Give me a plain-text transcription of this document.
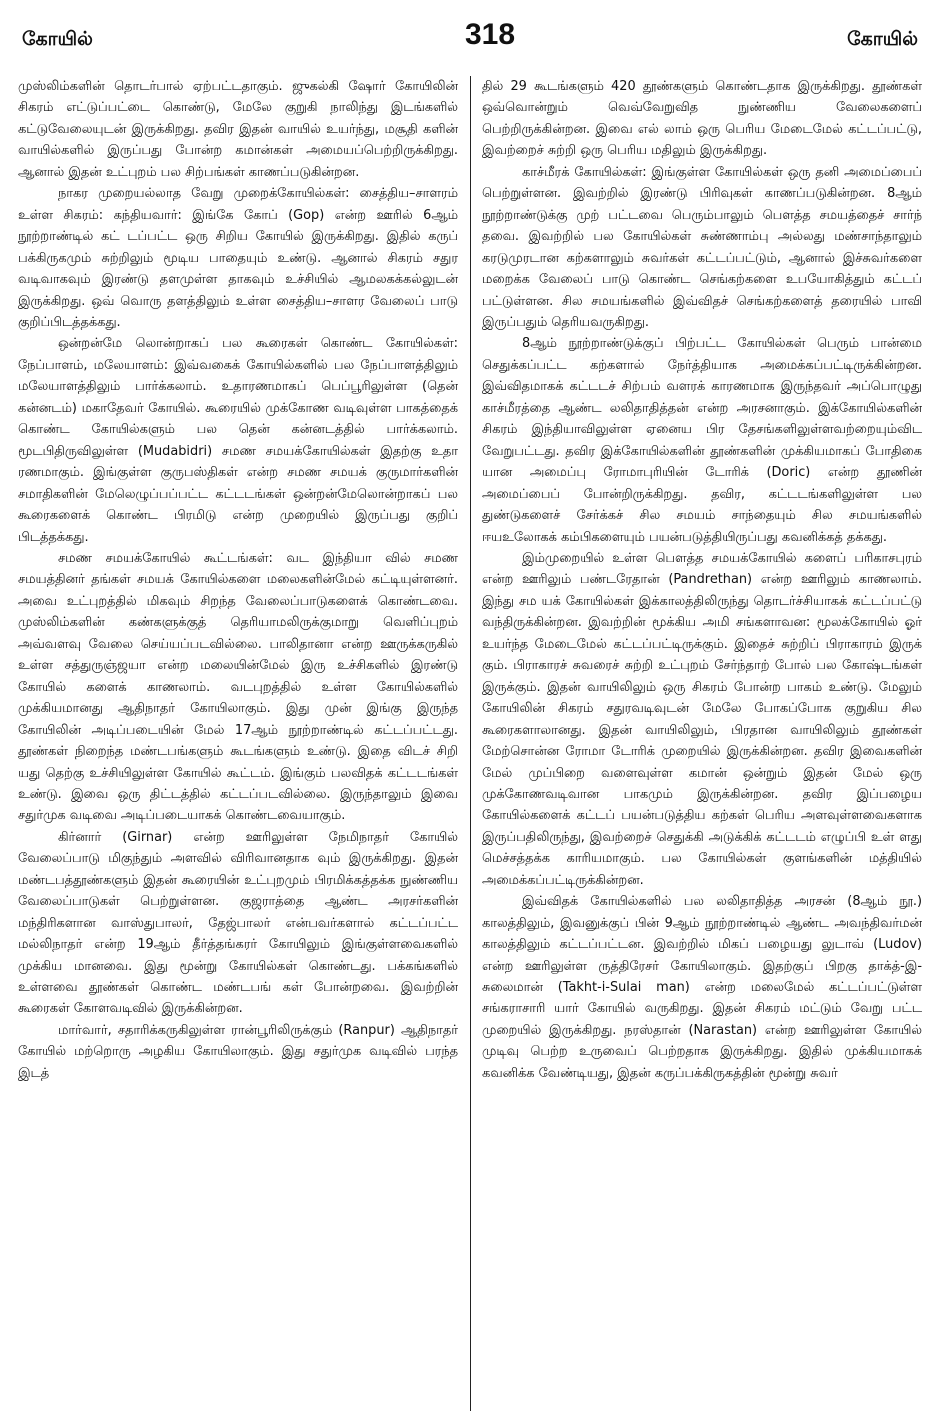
கோயில்	318	கோயில்

முஸ்லிம்களின் தொடர்பால் ஏற்பட்டதாகும். ஜுகல்கி ஷோர் கோயிலின் சிகரம் எட்டுப்பட்டை கொண்டு, மேலே குறுகி நாலிந்து இடங்களில் கட்டுவேலையுடன் இருக்கிறது. தவிர இதன் வாயில் உயர்ந்து, மசூதி களின் வாயில்களில் இருப்பது போன்ற கமான்கள் அமையப்பெற்றிருக்கிறது. ஆனால் இதன் உட்புறம் பல சிற்பங்கள் காணப்படுகின்றன.

நாகர முறையல்லாத வேறு முறைக்கோயில்கள்: சைத்திய–சாளரம் உள்ள சிகரம்: கந்தியவார்: இங்கே கோப் (Gop) என்ற ஊரில் 6ஆம் நூற்றாண்டில் கட் டப்பட்ட ஒரு சிறிய கோயில் இருக்கிறது. இதில் கருப் பக்கிருகமும் சுற்றிலும் மூடிய பாதையும் உண்டு. ஆனால் சிகரம் சதுர வடிவாகவும் இரண்டு தளமுள்ள தாகவும் உச்சியில் ஆமலகக்கல்லுடன் இருக்கிறது. ஒவ் வொரு தளத்திலும் உள்ள சைத்திய–சாளர வேலைப் பாடு குறிப்பிடத்தக்கது.

ஒன்றன்மே லொன்றாகப் பல கூரைகள் கொண்ட கோயில்கள்: நேப்பாளம், மலேயாளம்: இவ்வகைக் கோயில்களில் பல நேப்பாளத்திலும் மலேயாளத்திலும் பார்க்கலாம். உதாரணமாகப் பெப்பூரிலுள்ள (தென் கன்னடம்) மகாதேவர் கோயில். கூரையில் முக்கோண வடிவுள்ள பாகத்தைக் கொண்ட கோயில்களும் பல தென் கன்னடத்தில் பார்க்கலாம். மூடபிதிருவிலுள்ள (Mudabidri) சமண சமயக்கோயில்கள் இதற்கு உதா ரணமாகும். இங்குள்ள குருபஸ்திகள் என்ற சமண சமயக் குருமார்களின் சமாதிகளின் மேலெழுப்பப்பட்ட கட்டடங்கள் ஒன்றன்மேலொன்றாகப் பல கூரைகளைக் கொண்ட பிரமிடு என்ற முறையில் இருப்பது குறிப் பிடத்தக்கது.

சமண சமயக்கோயில் கூட்டங்கள்: வட இந்தியா வில் சமண சமயத்தினர் தங்கள் சமயக் கோயில்களை மலைகளின்மேல் கட்டியுள்ளனர். அவை உட்புறத்தில் மிகவும் சிறந்த வேலைப்பாடுகளைக் கொண்டவை. முஸ்லிம்களின் கண்களுக்குத் தெரியாமலிருக்குமாறு வெளிப்புறம் அவ்வளவு வேலை செய்யப்படவில்லை. பாலிதானா என்ற ஊருக்கருகில் உள்ள சத்துருஞ்ஜயா என்ற மலையின்மேல் இரு உச்சிகளில் இரண்டு கோயில் களைக் காணலாம். வடபுறத்தில் உள்ள கோயில்களில் முக்கியமானது ஆதிநாதர் கோயிலாகும். இது முன் இங்கு இருந்த கோயிலின் அடிப்படையின் மேல் 17ஆம் நூற்றாண்டில் கட்டப்பட்டது. தூண்கள் நிறைந்த மண்டபங்களும் கூடங்களும் உண்டு. இதை விடச் சிறி யது தெற்கு உச்சியிலுள்ள கோயில் கூட்டம். இங்கும் பலவிதக் கட்டடங்கள் உண்டு. இவை ஒரு திட்டத்தில் கட்டப்படவில்லை. இருந்தாலும் இவை சதுர்முக வடிவை அடிப்படையாகக் கொண்டவையாகும்.

கிர்னார் (Girnar) என்ற ஊரிலுள்ள நேமிநாதர் கோயில் வேலைப்பாடு மிகுந்தும் அளவில் விரிவானதாக வும் இருக்கிறது. இதன் மண்டபத்தூண்களும் இதன் கூரையின் உட்புறமும் பிரமிக்கத்தக்க நுண்ணிய வேலைப்பாடுகள் பெற்றுள்ளன. குஜராத்தை ஆண்ட அரசர்களின் மந்திரிகளான வாஸ்துபாலர், தேஜ்பாலர் என்பவர்களால் கட்டப்பட்ட மல்லிநாதர் என்ற 19ஆம் தீர்த்தங்கரர் கோயிலும் இங்குள்ளவைகளில் முக்கிய மானவை. இது மூன்று கோயில்கள் கொண்டது. பக்கங்களில் உள்ளவை தூண்கள் கொண்ட மண்டபங் கள் போன்றவை. இவற்றின் கூரைகள் கோளவடிவில் இருக்கின்றன.

மார்வார், சதாரிக்கருகிலுள்ள ரான்பூரிலிருக்கும் (Ranpur) ஆதிநாதர் கோயில் மற்றொரு அழகிய கோயிலாகும். இது சதுர்முக வடிவில் பரந்த இடத்

தில் 29 கூடங்களும் 420 தூண்களும் கொண்டதாக இருக்கிறது. தூண்கள் ஒவ்வொன்றும் வெவ்வேறுவித நுண்ணிய வேலைகளைப் பெற்றிருக்கின்றன. இவை எல் லாம் ஒரு பெரிய மேடைமேல் கட்டப்பட்டு, இவற்றைச் சுற்றி ஒரு பெரிய மதிலும் இருக்கிறது.

காச்மீரக் கோயில்கள்: இங்குள்ள கோயில்கள் ஒரு தனி அமைப்பைப் பெற்றுள்ளன. இவற்றில் இரண்டு பிரிவுகள் காணப்படுகின்றன. 8ஆம் நூற்றாண்டுக்கு முற் பட்டவை பெரும்பாலும் பௌத்த சமயத்தைச் சார்ந் தவை. இவற்றில் பல கோயில்கள் சுண்ணாம்பு அல்லது மண்சாந்தாலும் கரடுமுரடான கற்களாலும் சுவர்கள் கட்டப்பட்டும், ஆனால் இச்சுவர்களை மறைக்க வேலைப் பாடு கொண்ட செங்கற்களை உபயோகித்தும் கட்டப் பட்டுள்ளன. சில சமயங்களில் இவ்விதச் செங்கற்களைத் தரையில் பாவி இருப்பதும் தெரியவருகிறது.

8ஆம் நூற்றாண்டுக்குப் பிற்பட்ட கோயில்கள் பெரும் பான்மை செதுக்கப்பட்ட கற்களால் நேர்த்தியாக அமைக்கப்பட்டிருக்கின்றன. இவ்விதமாகக் கட்டடச் சிற்பம் வளரக் காரணமாக இருந்தவர் அப்பொழுது காச்மீரத்தை ஆண்ட லலிதாதித்தன் என்ற அரசனாகும். இக்கோயில்களின் சிகரம் இந்தியாவிலுள்ள ஏனைய பிர தேசங்களிலுள்ளவற்றையும்விட வேறுபட்டது. தவிர இக்கோயில்களின் தூண்களின் முக்கியமாகப் போதிகை யான அமைப்பு ரோமாபுரியின் டோரிக் (Doric) என்ற தூணின் அமைப்பைப் போன்றிருக்கிறது. தவிர, கட்டடங்களிலுள்ள பல துண்டுகளைச் சேர்க்கச் சில சமயம் சாந்தையும் சில சமயங்களில் ஈயஉலோகக் கம்பிகளையும் பயன்படுத்தியிருப்பது கவனிக்கத் தக்கது.

இம்முறையில் உள்ள பௌத்த சமயக்கோயில் களைப் பரிகாசபுரம் என்ற ஊரிலும் பண்டரேதான் (Pandrethan) என்ற ஊரிலும் காணலாம். இந்து சம யக் கோயில்கள் இக்காலத்திலிருந்து தொடர்ச்சியாகக் கட்டப்பட்டு வந்திருக்கின்றன. இவற்றின் மூக்கிய அமி சங்களாவன: மூலக்கோயில் ஓர் உயர்ந்த மேடைமேல் கட்டப்பட்டிருக்கும். இதைச் சுற்றிப் பிராகாரம் இருக் கும். பிராகாரச் சுவரைச் சுற்றி உட்புறம் சேர்ந்தாற் போல் பல கோஷ்டங்கள் இருக்கும். இதன் வாயிலிலும் ஒரு சிகரம் போன்ற பாகம் உண்டு. மேலும் கோயிலின் சிகரம் சதுரவடிவுடன் மேலே போகப்போக குறுகிய சில கூரைகளாலானது. இதன் வாயிலிலும், பிரதான வாயிலிலும் தூண்கள் மேற்சொன்ன ரோமா டோரிக் முறையில் இருக்கின்றன. தவிர இவைகளின் மேல் முப்பிறை வளைவுள்ள கமான் ஒன்றும் இதன் மேல் ஒரு முக்கோணவடிவான பாகமும் இருக்கின்றன. தவிர இப்பழைய கோயில்களைக் கட்டப் பயன்படுத்திய கற்கள் பெரிய அளவுள்ளவைகளாக இருப்பதிலிருந்து, இவற்றைச் செதுக்கி அடுக்கிக் கட்டடம் எழுப்பி உள் ளது மெச்சத்தக்க காரியமாகும். பல கோயில்கள் குளங்களின் மத்தியில் அமைக்கப்பட்டிருக்கின்றன.

இவ்விதக் கோயில்களில் பல லலிதாதித்த அரசன் (8ஆம் நூ.) காலத்திலும், இவனுக்குப் பின் 9ஆம் நூற்றாண்டில் ஆண்ட அவந்திவர்மன் காலத்திலும் கட்டப்பட்டன. இவற்றில் மிகப் பழையது லுடாவ் (Ludov) என்ற ஊரிலுள்ள ருத்திரேசர் கோயிலாகும். இதற்குப் பிறகு தாக்த்-இ-சுலைமான் (Takht-i-Sulai man) என்ற மலைமேல் கட்டப்பட்டுள்ள சங்கராசாரி யார் கோயில் வருகிறது. இதன் சிகரம் மட்டும் வேறு பட்ட முறையில் இருக்கிறது. நரஸ்தான் (Narastan) என்ற ஊரிலுள்ள கோயில் முடிவு பெற்ற உருவைப் பெற்றதாக இருக்கிறது. இதில் முக்கியமாகக் கவனிக்க வேண்டியது, இதன் கருப்பக்கிருகத்தின் மூன்று சுவர்
